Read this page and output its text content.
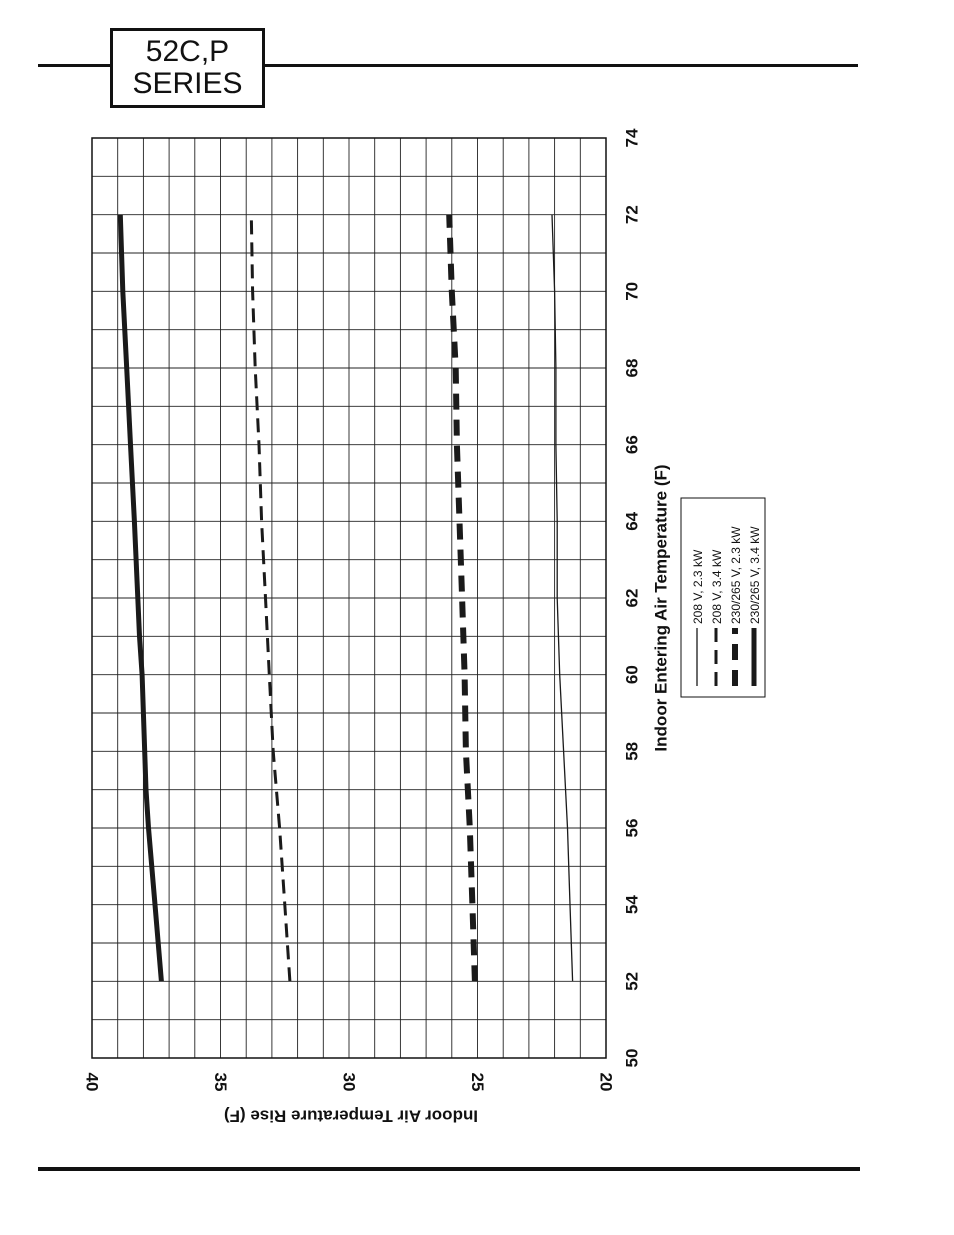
52C,P
SERIES
50
52
54
56
58
60
62
64
66
68
70
72
74
40	35	30	25	20
Indoor Entering Air Temperature (F)
Indoor Air Temperature Rise (F)
208 V, 2.3 kW 208 V, 3.4 kW 230/265 V, 2.3 kW 230/265 V, 3.4 kW
